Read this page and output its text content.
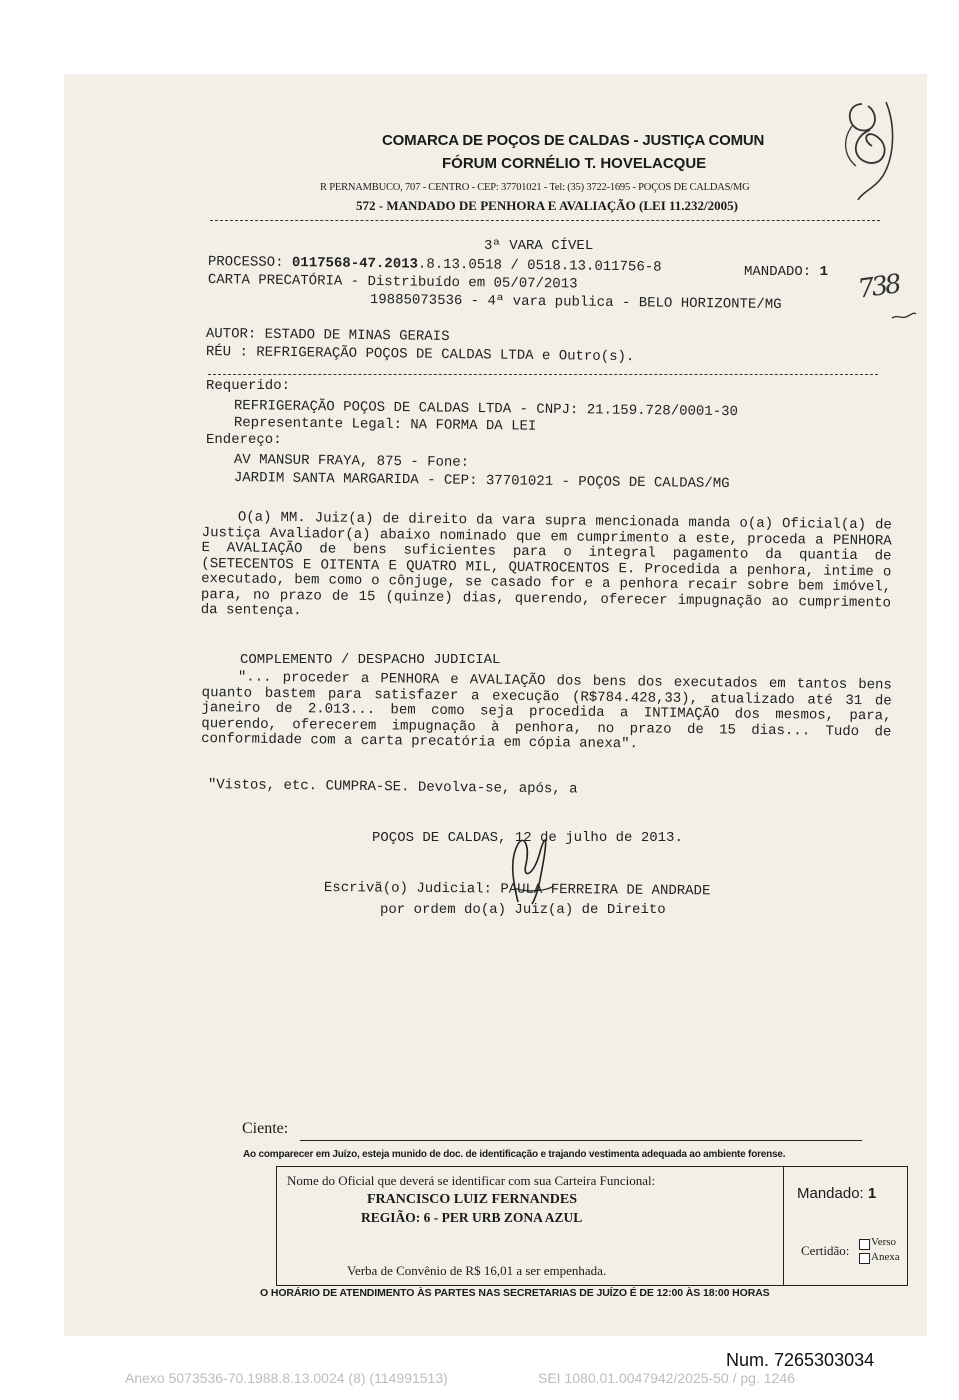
COMARCA DE POÇOS DE CALDAS - JUSTIÇA COMUN
FÓRUM CORNÉLIO T. HOVELACQUE
R PERNAMBUCO, 707 - CENTRO - CEP: 37701021 - Tel: (35) 3722-1695 - POÇOS DE CALDAS/MG
572 - MANDADO DE PENHORA E AVALIAÇÃO (LEI 11.232/2005)
3ª VARA CÍVEL
PROCESSO: 0117568-47.2013.8.13.0518 / 0518.13.011756-8	MANDADO: 1
CARTA PRECATÓRIA - Distribuído em 05/07/2013
19885073536 - 4ª vara publica - BELO HORIZONTE/MG
AUTOR: ESTADO DE MINAS GERAIS
RÉU : REFRIGERAÇÃO POÇOS DE CALDAS LTDA e Outro(s).
Requerido:
REFRIGERAÇÃO POÇOS DE CALDAS LTDA - CNPJ: 21.159.728/0001-30
Representante Legal: NA FORMA DA LEI
Endereço:
AV MANSUR FRAYA, 875 - Fone:
JARDIM SANTA MARGARIDA - CEP: 37701021 - POÇOS DE CALDAS/MG
O(a) MM. Juiz(a) de direito da vara supra mencionada manda o(a) Oficial(a) de Justiça Avaliador(a) abaixo nominado que em cumprimento a este, proceda a PENHORA E AVALIAÇÃO de bens suficientes para o integral pagamento da quantia de (SETECENTOS E OITENTA E QUATRO MIL, QUATROCENTOS E. Procedida a penhora, intime o executado, bem como o cônjuge, se casado for e a penhora recair sobre bem imóvel, para, no prazo de 15 (quinze) dias, querendo, oferecer impugnação ao cumprimento da sentença.
COMPLEMENTO / DESPACHO JUDICIAL
"... proceder a PENHORA e AVALIAÇÃO dos bens dos executados em tantos bens quanto bastem para satisfazer a execução (R$784.428,33), atualizado até 31 de janeiro de 2.013... bem como seja procedida a INTIMAÇÃO dos mesmos, para, querendo, oferecerem impugnação à penhora, no prazo de 15 dias... Tudo de conformidade com a carta precatória em cópia anexa".
"Vistos, etc. CUMPRA-SE. Devolva-se, após, a
POÇOS DE CALDAS, 12 de julho de 2013.
Escrivã(o) Judicial: PAULA FERREIRA DE ANDRADE
por ordem do(a) Juiz(a) de Direito
738
Ciente:
Ao comparecer em Juízo, esteja munido de doc. de identificação e trajando vestimenta adequada ao ambiente forense.
Nome do Oficial que deverá se identificar com sua Carteira Funcional:
FRANCISCO LUIZ FERNANDES
REGIÃO: 6 - PER URB ZONA AZUL
Verba de Convênio de R$ 16,01 a ser empenhada.
Mandado: 1
Certidão:
Verso
Anexa
O HORÁRIO DE ATENDIMENTO ÀS PARTES NAS SECRETARIAS DE JUÍZO É DE 12:00 ÀS 18:00 HORAS
Num. 7265303034
Anexo 5073536-70.1988.8.13.0024 (8) (114991513)	SEI 1080.01.0047942/2025-50 / pg. 1246
